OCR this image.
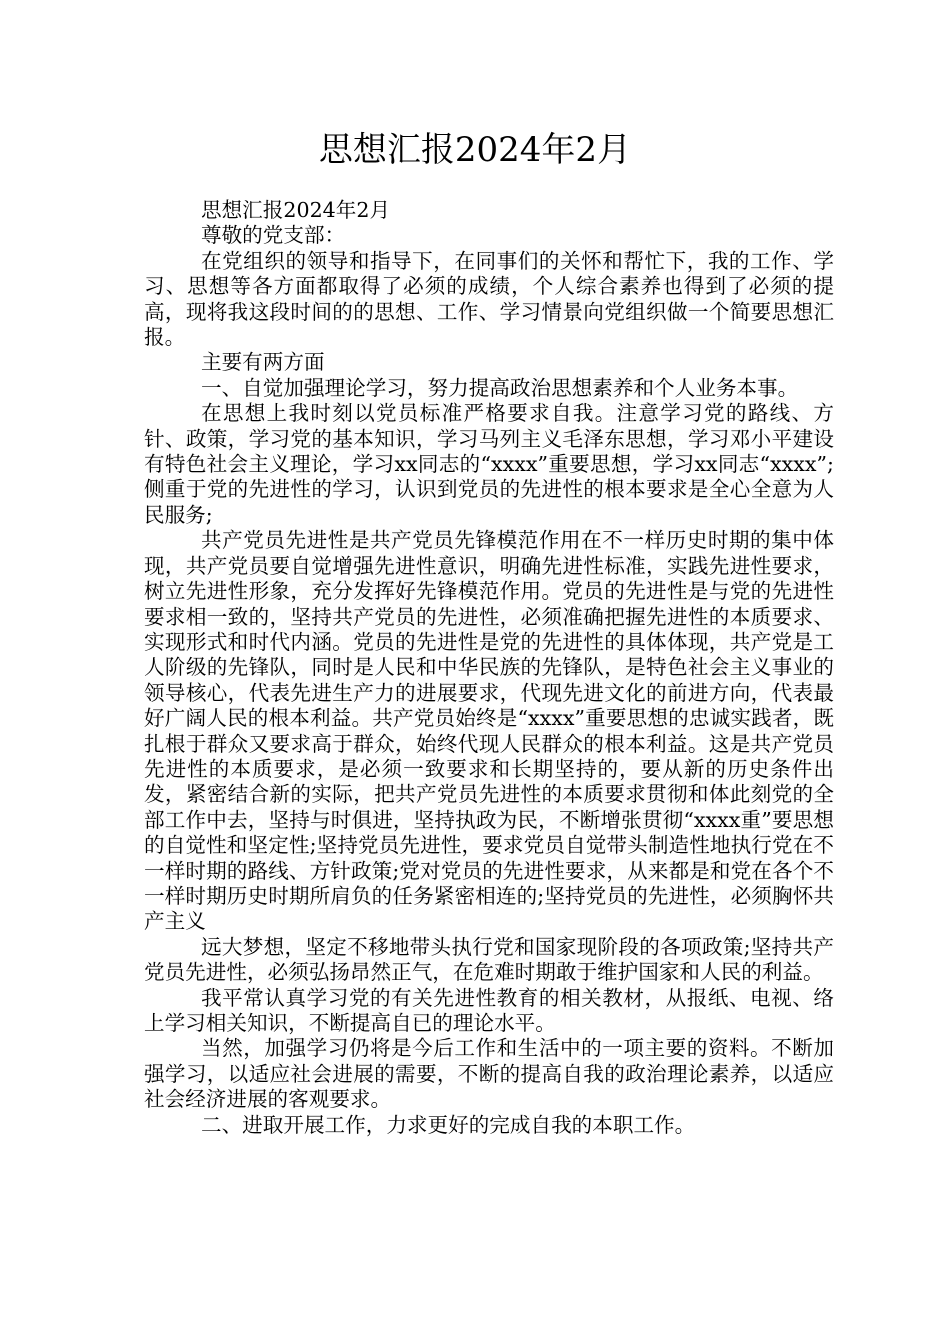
思想汇报2024年2月

思想汇报2024年2月

尊敬的党支部：

在党组织的领导和指导下，在同事们的关怀和帮忙下，我的工作、学习、思想等各方面都取得了必须的成绩，个人综合素养也得到了必须的提高，现将我这段时间的的思想、工作、学习情景向党组织做一个简要思想汇报。

主要有两方面

一、自觉加强理论学习，努力提高政治思想素养和个人业务本事。

在思想上我时刻以党员标准严格要求自我。注意学习党的路线、方针、政策，学习党的基本知识，学习马列主义毛泽东思想，学习邓小平建设有特色社会主义理论，学习xx同志的“xxxx”重要思想，学习xx同志“xxxx”;侧重于党的先进性的学习，认识到党员的先进性的根本要求是全心全意为人民服务;

共产党员先进性是共产党员先锋模范作用在不一样历史时期的集中体现，共产党员要自觉增强先进性意识，明确先进性标准，实践先进性要求，树立先进性形象，充分发挥好先锋模范作用。党员的先进性是与党的先进性要求相一致的，坚持共产党员的先进性，必须准确把握先进性的本质要求、实现形式和时代内涵。党员的先进性是党的先进性的具体体现，共产党是工人阶级的先锋队，同时是人民和中华民族的先锋队，是特色社会主义事业的领导核心，代表先进生产力的进展要求，代现先进文化的前进方向，代表最好广阔人民的根本利益。共产党员始终是“xxxx”重要思想的忠诚实践者，既扎根于群众又要求高于群众，始终代现人民群众的根本利益。这是共产党员先进性的本质要求，是必须一致要求和长期坚持的，要从新的历史条件出发，紧密结合新的实际，把共产党员先进性的本质要求贯彻和体此刻党的全部工作中去，坚持与时俱进，坚持执政为民，不断增张贯彻“xxxx重”要思想的自觉性和坚定性;坚持党员先进性，要求党员自觉带头制造性地执行党在不一样时期的路线、方针政策;党对党员的先进性要求，从来都是和党在各个不一样时期历史时期所肩负的任务紧密相连的;坚持党员的先进性，必须胸怀共产主义

远大梦想，坚定不移地带头执行党和国家现阶段的各项政策;坚持共产党员先进性，必须弘扬昂然正气，在危难时期敢于维护国家和人民的利益。

我平常认真学习党的有关先进性教育的相关教材，从报纸、电视、络上学习相关知识，不断提高自已的理论水平。

当然，加强学习仍将是今后工作和生活中的一项主要的资料。不断加强学习，以适应社会进展的需要，不断的提高自我的政治理论素养，以适应社会经济进展的客观要求。

二、进取开展工作，力求更好的完成自我的本职工作。
